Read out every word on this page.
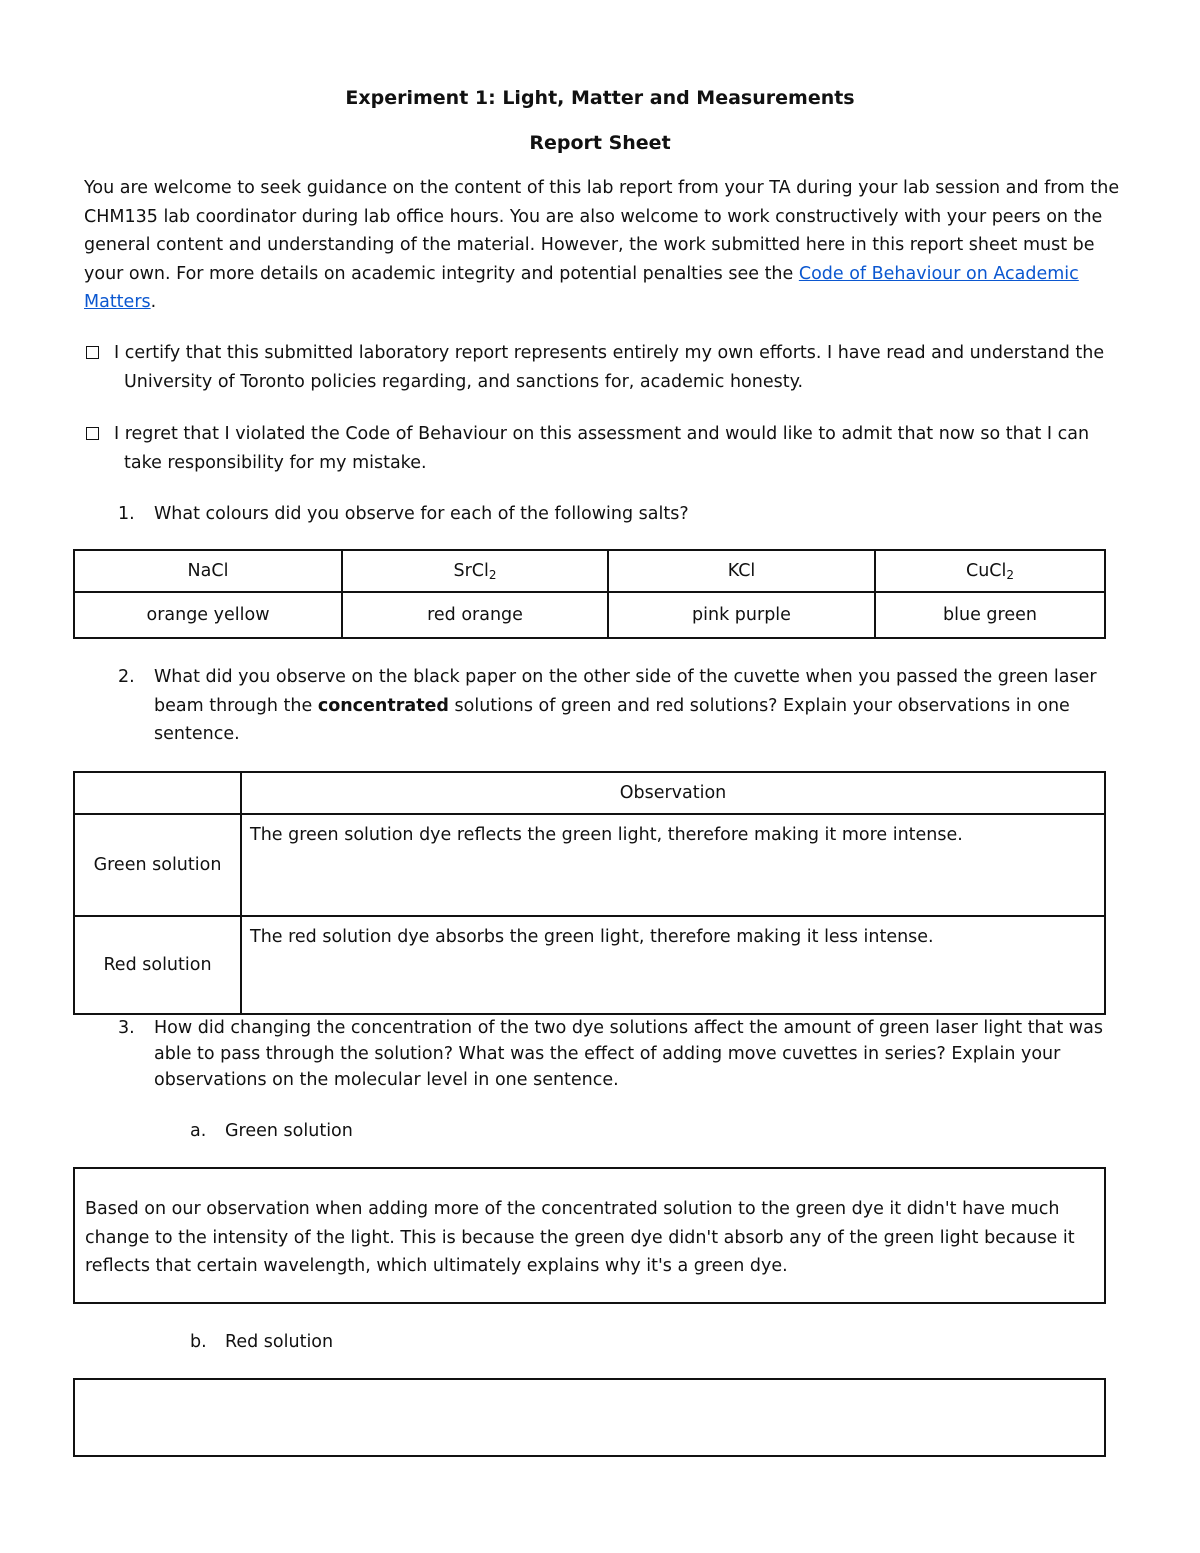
Experiment 1: Light, Matter and Measurements
Report Sheet

You are welcome to seek guidance on the content of this lab report from your TA during your lab session and from the CHM135 lab coordinator during lab office hours. You are also welcome to work constructively with your peers on the general content and understanding of the material. However, the work submitted here in this report sheet must be your own. For more details on academic integrity and potential penalties see the Code of Behaviour on Academic Matters.

I certify that this submitted laboratory report represents entirely my own efforts. I have read and understand the
University of Toronto policies regarding, and sanctions for, academic honesty.
I regret that I violated the Code of Behaviour on this assessment and would like to admit that now so that I can
take responsibility for my mistake.
1. What colours did you observe for each of the following salts?
NaCl	SrCl$_2$	KCl	CuCl$_2$
orange yellow	red orange	pink purple	blue green
2. What did you observe on the black paper on the other side of the cuvette when you passed the green laser beam through the concentrated solutions of green and red solutions? Explain your observations in one sentence.
	Observation
Green solution	The green solution dye reflects the green light, therefore making it more intense.
Red solution	The red solution dye absorbs the green light, therefore making it less intense.
3. How did changing the concentration of the two dye solutions affect the amount of green laser light that was able to pass through the solution? What was the effect of adding move cuvettes in series? Explain your observations on the molecular level in one sentence.
a. Green solution

Based on our observation when adding more of the concentrated solution to the green dye it didn't have much change to the intensity of the light. This is because the green dye didn't absorb any of the green light because it reflects that certain wavelength, which ultimately explains why it's a green dye.

b. Red solution
